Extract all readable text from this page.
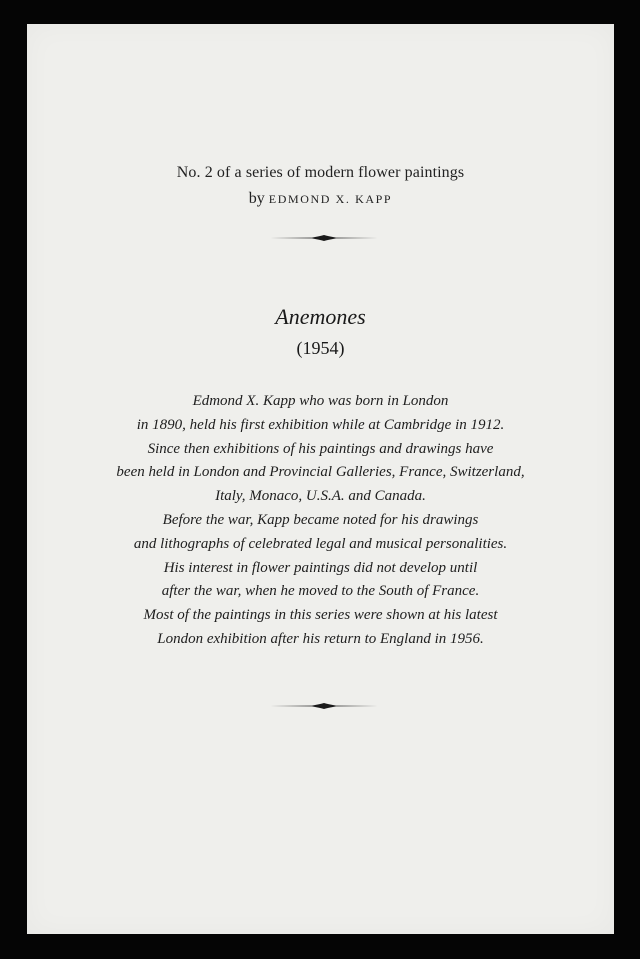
No. 2 of a series of modern flower paintings
by EDMOND X. KAPP
Anemones
(1954)
Edmond X. Kapp who was born in London
in 1890, held his first exhibition while at Cambridge in 1912.
Since then exhibitions of his paintings and drawings have
been held in London and Provincial Galleries, France, Switzerland,
Italy, Monaco, U.S.A. and Canada.
Before the war, Kapp became noted for his drawings
and lithographs of celebrated legal and musical personalities.
His interest in flower paintings did not develop until
after the war, when he moved to the South of France.
Most of the paintings in this series were shown at his latest
London exhibition after his return to England in 1956.
